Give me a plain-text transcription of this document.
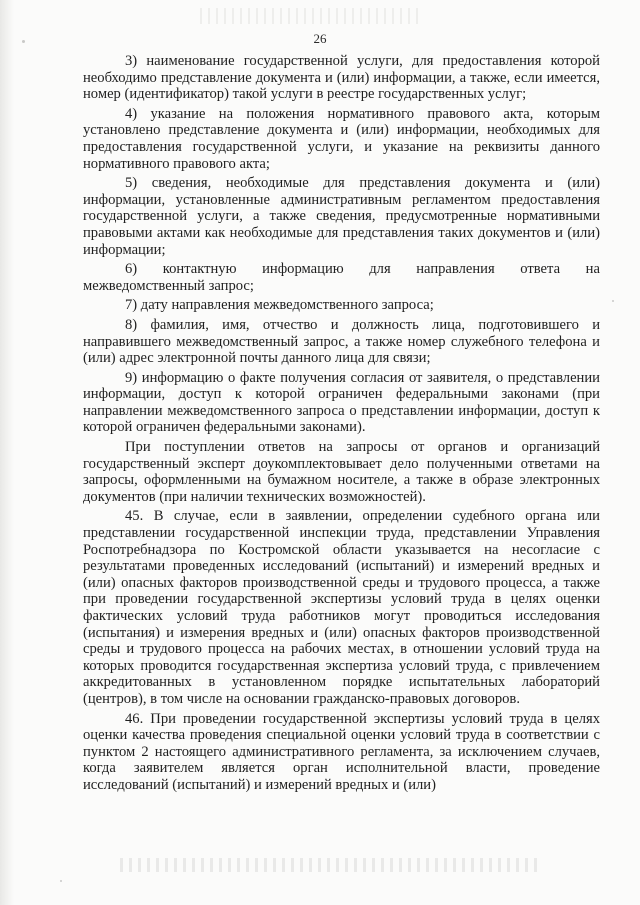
26

3) наименование государственной услуги, для предоставления которой необходимо представление документа и (или) информации, а также, если имеется, номер (идентификатор) такой услуги в реестре государственных услуг;

4) указание на положения нормативного правового акта, которым установлено представление документа и (или) информации, необходимых для предоставления государственной услуги, и указание на реквизиты данного нормативного правового акта;

5) сведения, необходимые для представления документа и (или) информации, установленные административным регламентом предоставления государственной услуги, а также сведения, предусмотренные нормативными правовыми актами как необходимые для представления таких документов и (или) информации;

6) контактную информацию для направления ответа на
межведомственный запрос;

7) дату направления межведомственного запроса;

8) фамилия, имя, отчество и должность лица, подготовившего и направившего межведомственный запрос, а также номер служебного телефона и (или) адрес электронной почты данного лица для связи;

9) информацию о факте получения согласия от заявителя, о представлении информации, доступ к которой ограничен федеральными законами (при направлении межведомственного запроса о представлении информации, доступ к которой ограничен федеральными законами).

При поступлении ответов на запросы от органов и организаций государственный эксперт доукомплектовывает дело полученными ответами на запросы, оформленными на бумажном носителе, а также в образе электронных документов (при наличии технических возможностей).

45. В случае, если в заявлении, определении судебного органа или представлении государственной инспекции труда, представлении Управления Роспотребнадзора по Костромской области указывается на несогласие с результатами проведенных исследований (испытаний) и измерений вредных и (или) опасных факторов производственной среды и трудового процесса, а также при проведении государственной экспертизы условий труда в целях оценки фактических условий труда работников могут проводиться исследования (испытания) и измерения вредных и (или) опасных факторов производственной среды и трудового процесса на рабочих местах, в отношении условий труда на которых проводится государственная экспертиза условий труда, с привлечением аккредитованных в установленном порядке испытательных лабораторий (центров), в том числе на основании гражданско-правовых договоров.

46. При проведении государственной экспертизы условий труда в целях оценки качества проведения специальной оценки условий труда в соответствии с пунктом 2 настоящего административного регламента, за исключением случаев, когда заявителем является орган исполнительной власти, проведение исследований (испытаний) и измерений вредных и (или)
